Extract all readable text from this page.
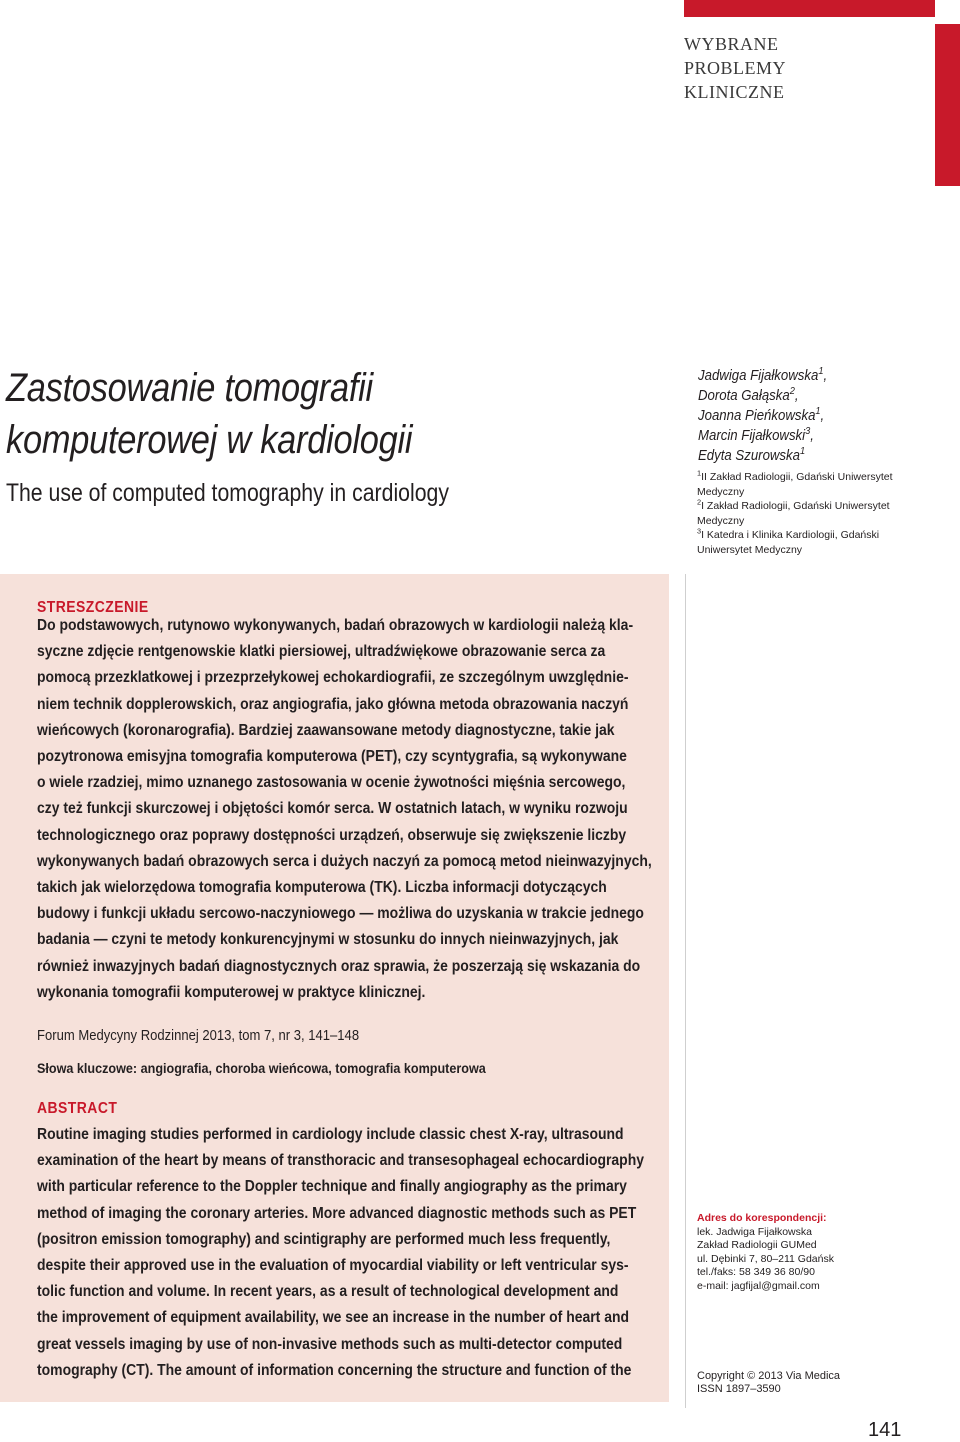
WYBRANE
PROBLEMY
KLINICZNE
Zastosowanie tomografii
komputerowej w kardiologii
The use of computed tomography in cardiology
Jadwiga Fijałkowska$^1$,
Dorota Gałąska$^2$,
Joanna Pieńkowska$^1$,
Marcin Fijałkowski$^3$,
Edyta Szurowska$^1$
$^1$II Zakład Radiologii, Gdański Uniwersytet Medyczny
$^2$I Zakład Radiologii, Gdański Uniwersytet Medyczny
$^3$I Katedra i Klinika Kardiologii, Gdański Uniwersytet Medyczny
STRESZCZENIE
Do podstawowych, rutynowo wykonywanych, badań obrazowych w kardiologii należą kla-
syczne zdjęcie rentgenowskie klatki piersiowej, ultradźwiękowe obrazowanie serca za
pomocą przezklatkowej i przezprzełykowej echokardiografii, ze szczególnym uwzględnie-
niem technik dopplerowskich, oraz angiografia, jako główna metoda obrazowania naczyń
wieńcowych (koronarografia). Bardziej zaawansowane metody diagnostyczne, takie jak
pozytronowa emisyjna tomografia komputerowa (PET), czy scyntygrafia, są wykonywane
o wiele rzadziej, mimo uznanego zastosowania w ocenie żywotności mięśnia sercowego,
czy też funkcji skurczowej i objętości komór serca. W ostatnich latach, w wyniku rozwoju
technologicznego oraz poprawy dostępności urządzeń, obserwuje się zwiększenie liczby
wykonywanych badań obrazowych serca i dużych naczyń za pomocą metod nieinwazyjnych,
takich jak wielorzędowa tomografia komputerowa (TK). Liczba informacji dotyczących
budowy i funkcji układu sercowo-naczyniowego — możliwa do uzyskania w trakcie jednego
badania — czyni te metody konkurencyjnymi w stosunku do innych nieinwazyjnych, jak
również inwazyjnych badań diagnostycznych oraz sprawia, że poszerzają się wskazania do
wykonania tomografii komputerowej w praktyce klinicznej.
Forum Medycyny Rodzinnej 2013, tom 7, nr 3, 141–148
Słowa kluczowe: angiografia, choroba wieńcowa, tomografia komputerowa
ABSTRACT
Routine imaging studies performed in cardiology include classic chest X-ray, ultrasound
examination of the heart by means of transthoracic and transesophageal echocardiography
with particular reference to the Doppler technique and finally angiography as the primary
method of imaging the coronary arteries. More advanced diagnostic methods such as PET
(positron emission tomography) and scintigraphy are performed much less frequently,
despite their approved use in the evaluation of myocardial viability or left ventricular sys-
tolic function and volume. In recent years, as a result of technological development and
the improvement of equipment availability, we see an increase in the number of heart and
great vessels imaging by use of non-invasive methods such as multi-detector computed
tomography (CT). The amount of information concerning the structure and function of the
Adres do korespondencji:
lek. Jadwiga Fijałkowska
Zakład Radiologii GUMed
ul. Dębinki 7, 80–211 Gdańsk
tel./faks: 58 349 36 80/90
e-mail: jagfijal@gmail.com
Copyright © 2013 Via Medica
ISSN 1897–3590
141
